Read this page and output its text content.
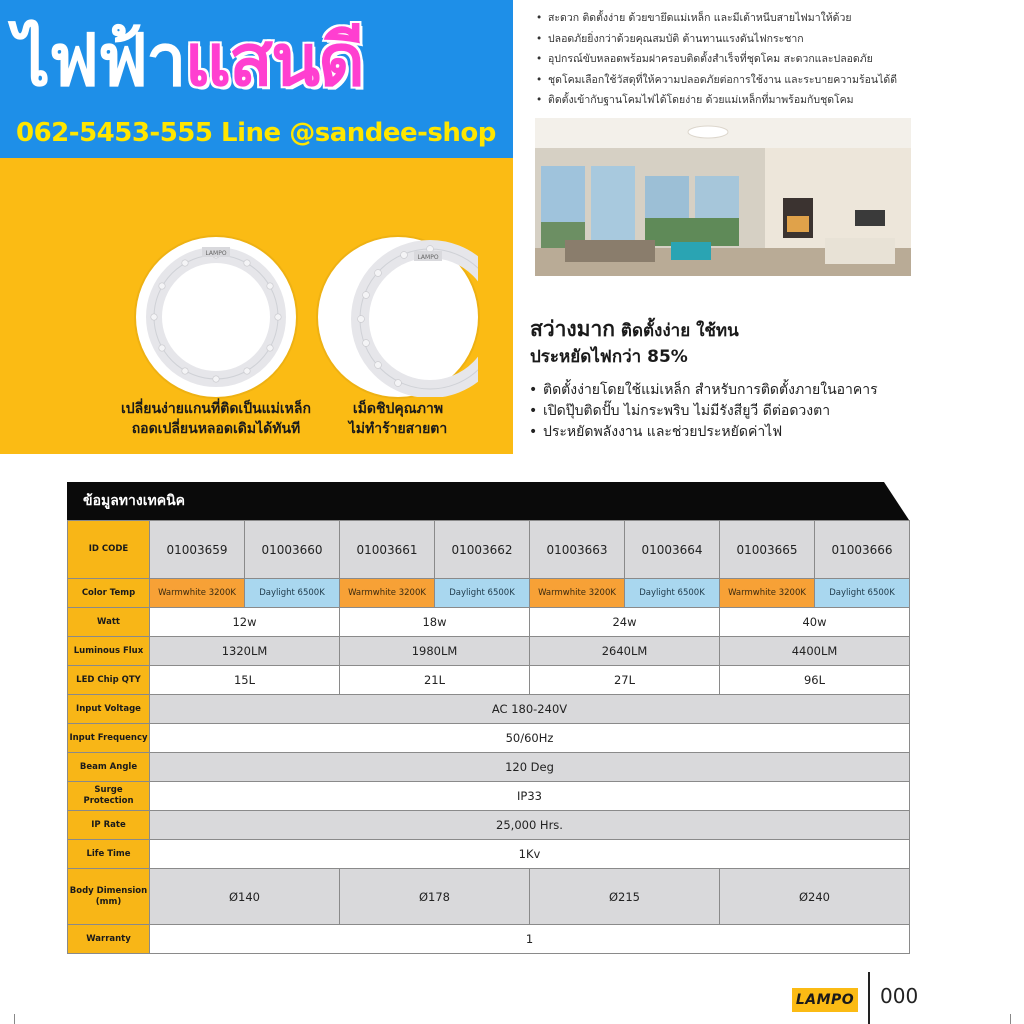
ไฟฟ้าแสนดี
062-5453-555 Line @sandee-shop
LAMPO
LAMPO
เปลี่ยนง่ายแกนที่ติดเป็นแม่เหล็ก
ถอดเปลี่ยนหลอดเดิมได้ทันที
เม็ดชิปคุณภาพ
ไม่ทำร้ายสายตา
• สะดวก ติดตั้งง่าย ด้วยขายึดแม่เหล็ก และมีเต้าหนีบสายไฟมาให้ด้วย
• ปลอดภัยยิ่งกว่าด้วยคุณสมบัติ ต้านทานแรงดันไฟกระชาก
• อุปกรณ์ขับหลอดพร้อมฝาครอบติดตั้งสำเร็จที่ชุดโคม สะดวกและปลอดภัย
• ชุดโคมเลือกใช้วัสดุที่ให้ความปลอดภัยต่อการใช้งาน และระบายความร้อนได้ดี
• ติดตั้งเข้ากับฐานโคมไฟได้โดยง่าย ด้วยแม่เหล็กที่มาพร้อมกับชุดโคม
สว่างมาก ติดตั้งง่าย ใช้ทน
ประหยัดไฟกว่า 85%
• ติดตั้งง่ายโดยใช้แม่เหล็ก สำหรับการติดตั้งภายในอาคาร
• เปิดปุ๊บติดปั๊บ ไม่กระพริบ ไม่มีรังสียูวี ดีต่อดวงตา
• ประหยัดพลังงาน และช่วยประหยัดค่าไฟ
ข้อมูลทางเทคนิค
ID CODE	01003659	01003660	01003661	01003662	01003663	01003664	01003665	01003666
Color Temp	Warmwhite 3200K	Daylight 6500K	Warmwhite 3200K	Daylight 6500K	Warmwhite 3200K	Daylight 6500K	Warmwhite 3200K	Daylight 6500K
Watt	12w		18w		24w		40w	
Luminous Flux	1320LM		1980LM		2640LM		4400LM	
LED Chip QTY	15L		21L		27L		96L	
Input Voltage	AC 180-240V							
Input Frequency	50/60Hz							
Beam Angle	120 Deg							
Surge Protection	IP33							
IP Rate	25,000 Hrs.							
Life Time	1Kv							
Body Dimension (mm)	Ø140		Ø178		Ø215		Ø240	
Warranty	1							
LAMPO 000
